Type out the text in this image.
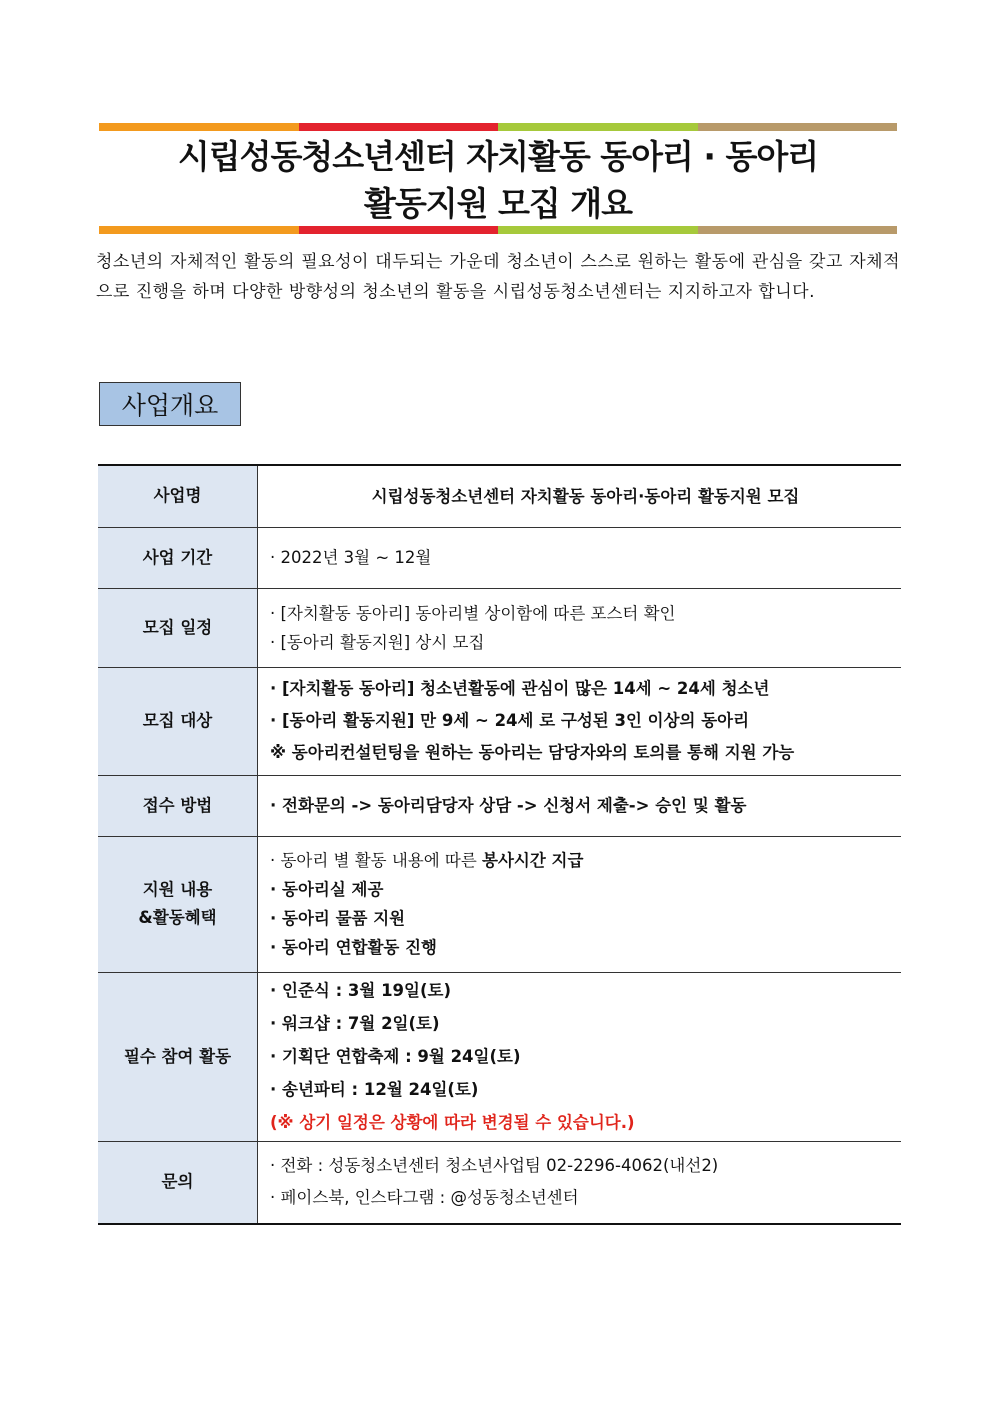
시립성동청소년센터 자치활동 동아리 · 동아리
활동지원 모집 개요
청소년의 자체적인 활동의 필요성이 대두되는 가운데 청소년이 스스로 원하는 활동에 관심을 갖고 자체적으로 진행을 하며 다양한 방향성의 청소년의 활동을 시립성동청소년센터는 지지하고자 합니다.
사업개요
사업명	시립성동청소년센터 자치활동 동아리·동아리 활동지원 모집
사업 기간	· 2022년 3월 ~ 12월

모집 일정	· [자치활동 동아리] 동아리별 상이함에 따른 포스터 확인
· [동아리 활동지원] 상시 모집

모집 대상	· [자치활동 동아리] 청소년활동에 관심이 많은 14세 ~ 24세 청소년
· [동아리 활동지원] 만 9세 ~ 24세 로 구성된 3인 이상의 동아리
※ 동아리컨설턴팅을 원하는 동아리는 담당자와의 토의를 통해 지원 가능

접수 방법	· 전화문의 -> 동아리담당자 상담 -> 신청서 제출-> 승인 및 활동

지원 내용
&활동혜택	· 동아리 별 활동 내용에 따른 봉사시간 지급
· 동아리실 제공
· 동아리 물품 지원
· 동아리 연합활동 진행

필수 참여 활동	· 인준식 : 3월 19일(토)
· 워크샵 : 7월 2일(토)
· 기획단 연합축제 : 9월 24일(토)
· 송년파티 : 12월 24일(토)
(※ 상기 일정은 상황에 따라 변경될 수 있습니다.)

문의	· 전화 : 성동청소년센터 청소년사업팀 02-2296-4062(내선2)
· 페이스북, 인스타그램 : @성동청소년센터
